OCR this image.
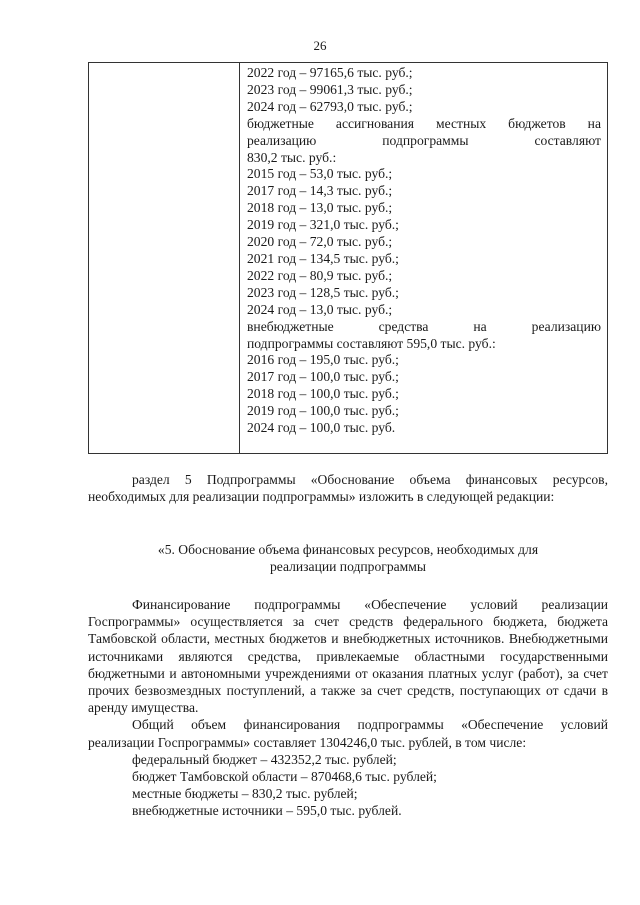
26
2022 год – 97165,6 тыс. руб.;
2023 год – 99061,3 тыс. руб.;
2024 год – 62793,0 тыс. руб.;
бюджетные ассигнования местных бюджетов на
реализацию подпрограммы составляют
830,2 тыс. руб.:
2015 год – 53,0 тыс. руб.;
2017 год – 14,3 тыс. руб.;
2018 год – 13,0 тыс. руб.;
2019 год – 321,0 тыс. руб.;
2020 год – 72,0 тыс. руб.;
2021 год – 134,5 тыс. руб.;
2022 год – 80,9 тыс. руб.;
2023 год – 128,5 тыс. руб.;
2024 год – 13,0 тыс. руб.;
внебюджетные средства на реализацию
подпрограммы составляют 595,0 тыс. руб.:
2016 год – 195,0 тыс. руб.;
2017 год – 100,0 тыс. руб.;
2018 год – 100,0 тыс. руб.;
2019 год – 100,0 тыс. руб.;
2024 год – 100,0 тыс. руб.
раздел 5 Подпрограммы «Обоснование объема финансовых ресурсов, необходимых для реализации подпрограммы» изложить в следующей редакции:
«5. Обоснование объема финансовых ресурсов, необходимых для
реализации подпрограммы

Финансирование подпрограммы «Обеспечение условий реализации Госпрограммы» осуществляется за счет средств федерального бюджета, бюджета Тамбовской области, местных бюджетов и внебюджетных источников. Внебюджетными источниками являются средства, привлекаемые областными государственными бюджетными и автономными учреждениями от оказания платных услуг (работ), за счет прочих безвозмездных поступлений, а также за счет средств, поступающих от сдачи в аренду имущества.

Общий объем финансирования подпрограммы «Обеспечение условий реализации Госпрограммы» составляет 1304246,0 тыс. рублей, в том числе:

федеральный бюджет – 432352,2 тыс. рублей;

бюджет Тамбовской области – 870468,6 тыс. рублей;

местные бюджеты – 830,2 тыс. рублей;

внебюджетные источники – 595,0 тыс. рублей.
